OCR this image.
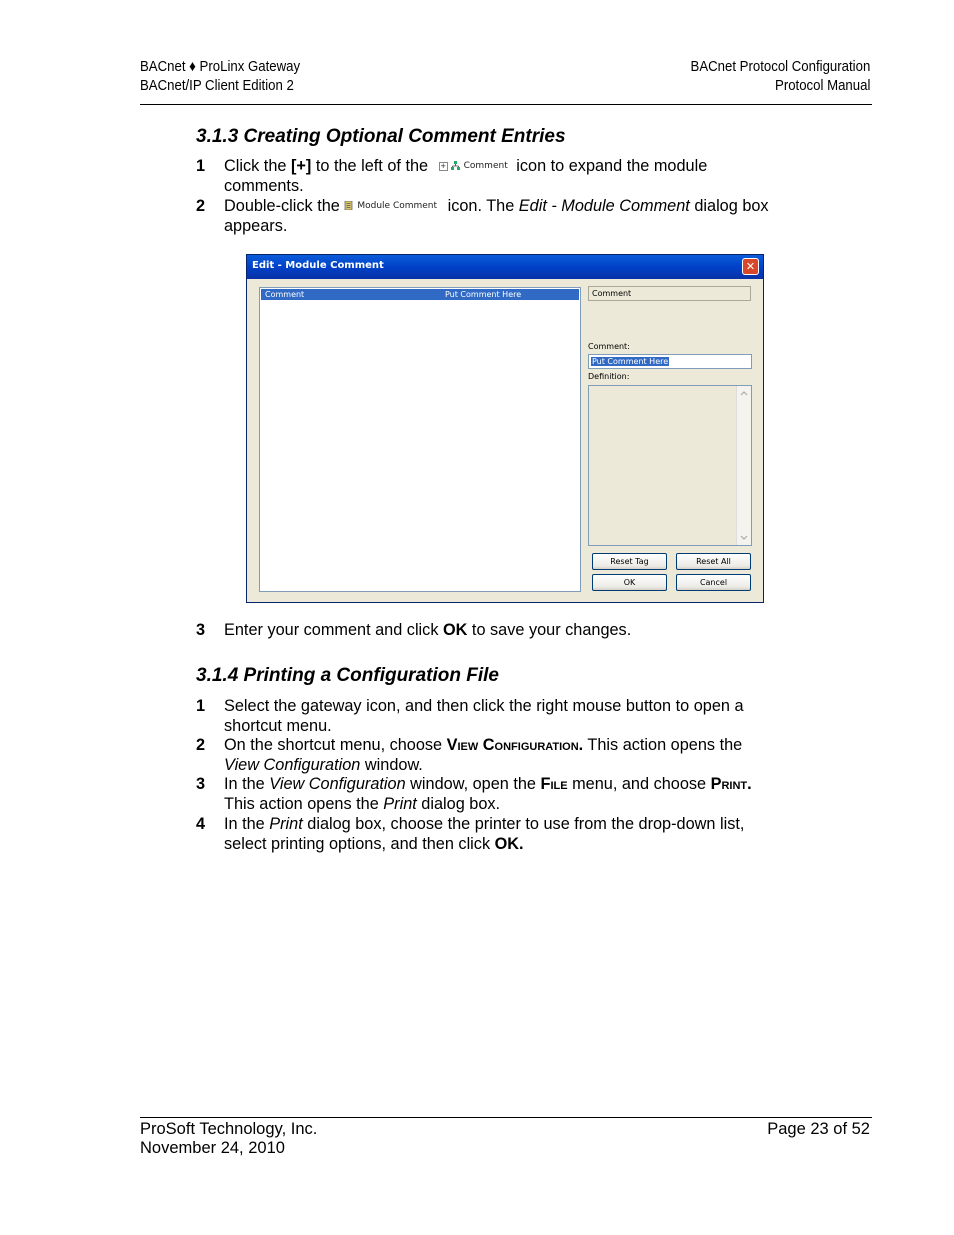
BACnet ♦ ProLinx Gateway
BACnet/IP Client Edition 2
BACnet Protocol Configuration
Protocol Manual
3.1.3 Creating Optional Comment Entries
1 Click the [+] to the left of the + Comment icon to expand the module
comments.
2 Double-click the Module Comment icon. The Edit - Module Comment dialog box
appears.
Edit - Module Comment	✕
Comment	Put Comment Here	Comment
Comment:
Put Comment Here
Definition:
Reset Tag	Reset All
OK	Cancel
3 Enter your comment and click OK to save your changes.
3.1.4 Printing a Configuration File
1 Select the gateway icon, and then click the right mouse button to open a
shortcut menu.
2 On the shortcut menu, choose View Configuration. This action opens the
View Configuration window.
3 In the View Configuration window, open the File menu, and choose Print.
This action opens the Print dialog box.
4 In the Print dialog box, choose the printer to use from the drop-down list,
select printing options, and then click OK.
ProSoft Technology, Inc.
November 24, 2010
Page 23 of 52
